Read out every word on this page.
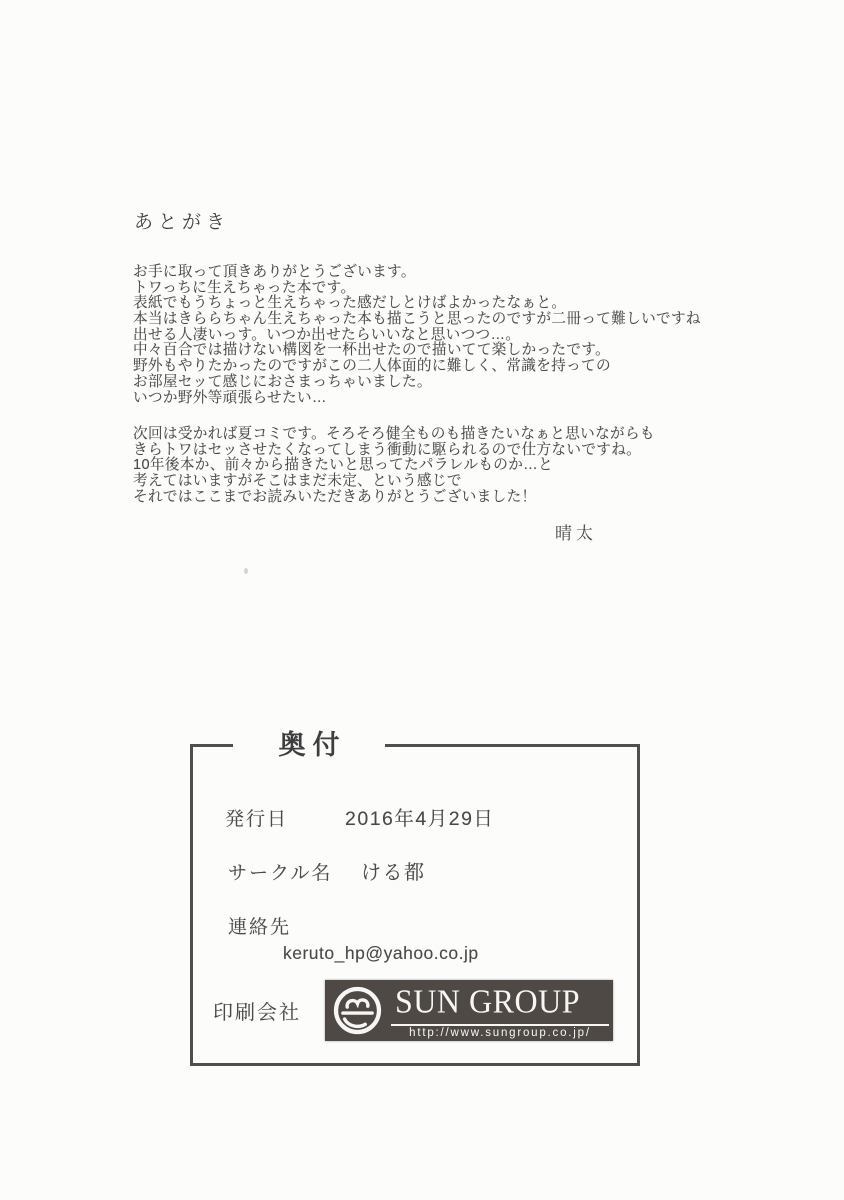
あとがき
お手に取って頂きありがとうございます。
トワっちに生えちゃった本です。
表紙でもうちょっと生えちゃった感だしとけばよかったなぁと。
本当はきららちゃん生えちゃった本も描こうと思ったのですが二冊って難しいですね
出せる人凄いっす。いつか出せたらいいなと思いつつ…。
中々百合では描けない構図を一杯出せたので描いてて楽しかったです。
野外もやりたかったのですがこの二人体面的に難しく、常識を持っての
お部屋セッて感じにおさまっちゃいました。
いつか野外等頑張らせたい…
次回は受かれば夏コミです。そろそろ健全ものも描きたいなぁと思いながらも
きらトワはセッさせたくなってしまう衝動に駆られるので仕方ないですね。
10年後本か、前々から描きたいと思ってたパラレルものか…と
考えてはいますがそこはまだ未定、という感じで
それではここまでお読みいただきありがとうございました！
晴太
奥付
発行日	2016年4月29日
サークル名 ける都
連絡先
keruto_hp@yahoo.co.jp
印刷会社	SUN GROUP
http://www.sungroup.co.jp/
